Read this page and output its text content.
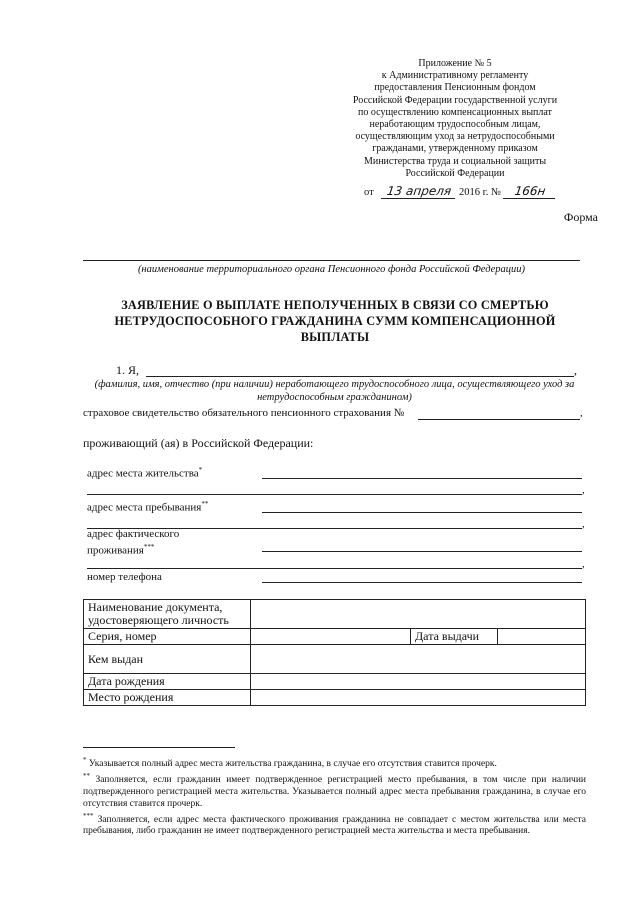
Приложение № 5
к Административному регламенту
предоставления Пенсионным фондом
Российской Федерации государственной услуги
по осуществлению компенсационных выплат
неработающим трудоспособным лицам,
осуществляющим уход за нетрудоспособными
гражданами, утвержденному приказом
Министерства труда и социальной защиты
Российской Федерации
от 13 апреля 2016 г. № 166н
Форма
(наименование территориального органа Пенсионного фонда Российской Федерации)
ЗАЯВЛЕНИЕ О ВЫПЛАТЕ НЕПОЛУЧЕННЫХ В СВЯЗИ СО СМЕРТЬЮ НЕТРУДОСПОСОБНОГО ГРАЖДАНИНА СУММ КОМПЕНСАЦИОННОЙ ВЫПЛАТЫ
1. Я,	,
(фамилия, имя, отчество (при наличии) неработающего трудоспособного лица, осуществляющего уход за нетрудоспособным гражданином)
страховое свидетельство обязательного пенсионного страхования №	,
проживающий (ая) в Российской Федерации:
адрес места жительства*
,
адрес места пребывания**
,
адрес фактического
проживания***
,
номер телефона
Наименование документа, удостоверяющего личность			
Серия, номер		Дата выдачи	
Кем выдан			
Дата рождения			
Место рождения			

* Указывается полный адрес места жительства гражданина, в случае его отсутствия ставится прочерк.

** Заполняется, если гражданин имеет подтвержденное регистрацией место пребывания, в том числе при наличии подтвержденного регистрацией места жительства. Указывается полный адрес места пребывания гражданина, в случае его отсутствия ставится прочерк.

*** Заполняется, если адрес места фактического проживания гражданина не совпадает с местом жительства или места пребывания, либо гражданин не имеет подтвержденного регистрацией места жительства и места пребывания.
